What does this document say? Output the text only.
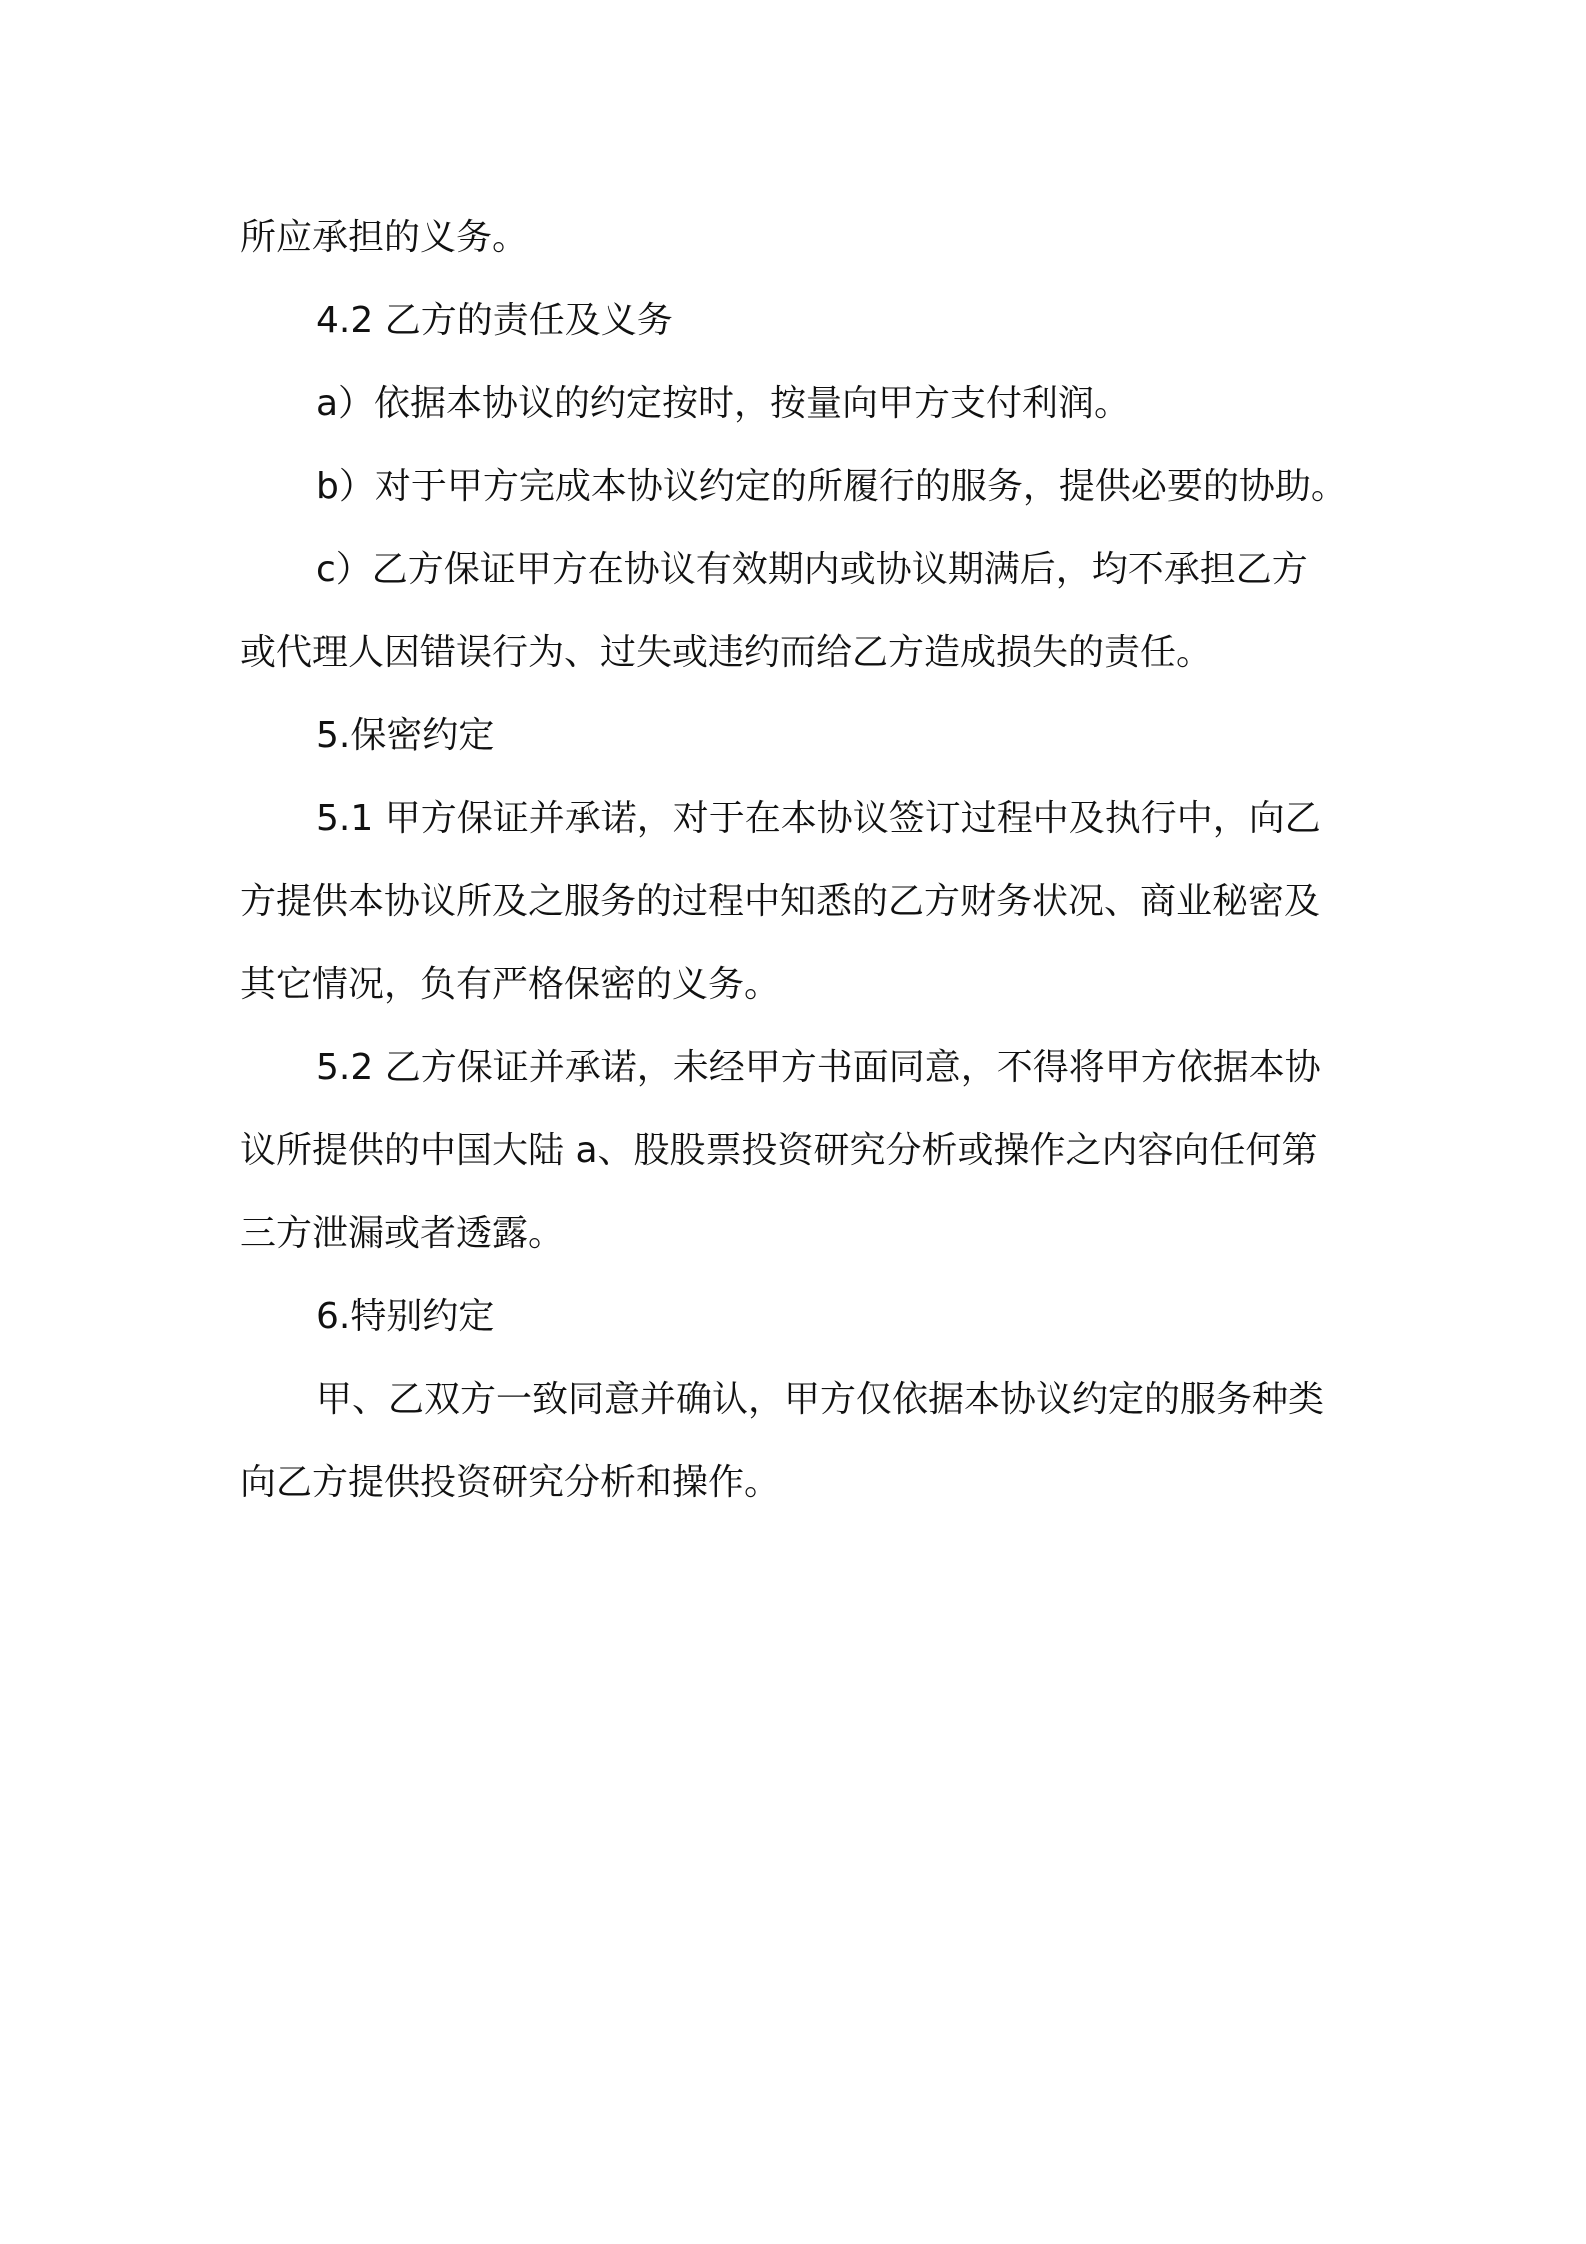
所应承担的义务。
4.2 乙方的责任及义务
a）依据本协议的约定按时，按量向甲方支付利润。
b）对于甲方完成本协议约定的所履行的服务，提供必要的协助。
c）乙方保证甲方在协议有效期内或协议期满后，均不承担乙方
或代理人因错误行为、过失或违约而给乙方造成损失的责任。
5.保密约定
5.1 甲方保证并承诺，对于在本协议签订过程中及执行中，向乙
方提供本协议所及之服务的过程中知悉的乙方财务状况、商业秘密及
其它情况，负有严格保密的义务。
5.2 乙方保证并承诺，未经甲方书面同意，不得将甲方依据本协
议所提供的中国大陆 a、股股票投资研究分析或操作之内容向任何第
三方泄漏或者透露。
6.特别约定
甲、乙双方一致同意并确认，甲方仅依据本协议约定的服务种类
向乙方提供投资研究分析和操作。
